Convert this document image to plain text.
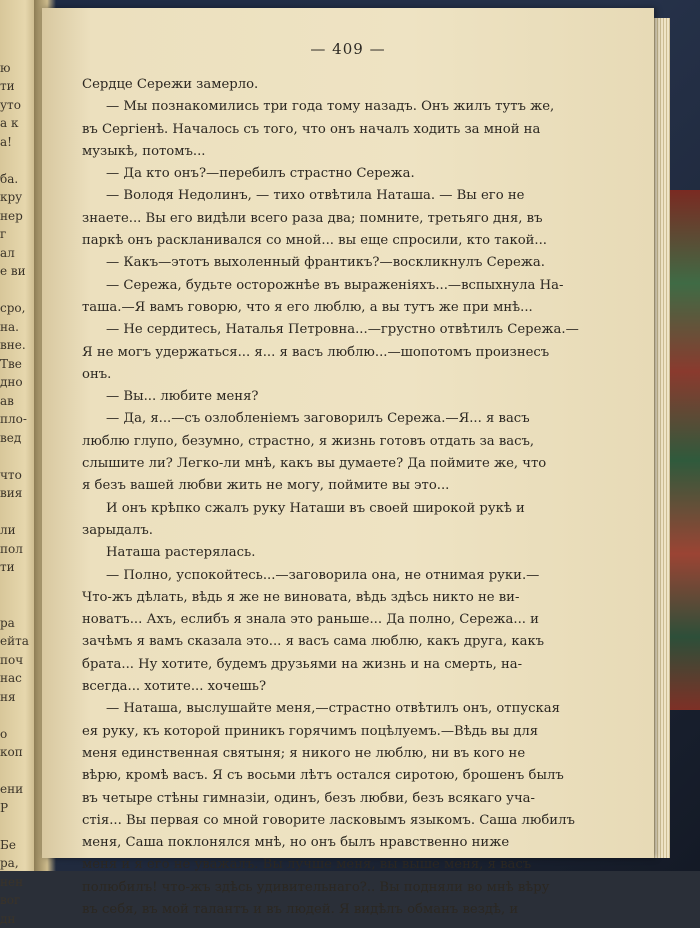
ю
ти
уто
а к
а!

ба.
кру
нер
г
ал
е ви

сро,
на.
вне.
Тве
дно
ав
пло-
вед

что
вия

ли
пол
ти

ра
ейта
поч
нас
ня

о
коп

ени
Р

Бе
ра,
нен
вог
дн
— 409 —
Сердце Сережи замерло.
— Мы познакомились три года тому назадъ. Онъ жилъ тутъ же,
въ Сергіенѣ. Началось съ того, что онъ началъ ходить за мной на
музыкѣ, потомъ...
— Да кто онъ?—перебилъ страстно Сережа.
— Володя Недолинъ, — тихо отвѣтила Наташа. — Вы его не
знаете... Вы его видѣли всего раза два; помните, третьяго дня, въ
паркѣ онъ раскланивался со мной... вы еще спросили, кто такой...
— Какъ—этотъ выхоленный франтикъ?—воскликнулъ Сережа.
— Сережа, будьте осторожнѣе въ выраженіяхъ...—вспыхнула На-
таша.—Я вамъ говорю, что я его люблю, а вы тутъ же при мнѣ...
— Не сердитесь, Наталья Петровна...—грустно отвѣтилъ Сережа.—
Я не могъ удержаться... я... я васъ люблю...—шопотомъ произнесъ
онъ.
— Вы... любите меня?
— Да, я...—съ озлобленіемъ заговорилъ Сережа.—Я... я васъ
люблю глупо, безумно, страстно, я жизнь готовъ отдать за васъ,
слышите ли? Легко-ли мнѣ, какъ вы думаете? Да поймите же, что
я безъ вашей любви жить не могу, поймите вы это...
И онъ крѣпко сжалъ руку Наташи въ своей широкой рукѣ и
зарыдалъ.
Наташа растерялась.
— Полно, успокойтесь...—заговорила она, не отнимая руки.—
Что-жъ дѣлать, вѣдь я же не виновата, вѣдь здѣсь никто не ви-
новатъ... Ахъ, еслибъ я знала это раньше... Да полно, Сережа... и
зачѣмъ я вамъ сказала это... я васъ сама люблю, какъ друга, какъ
брата... Ну хотите, будемъ друзьями на жизнь и на смерть, на-
всегда... хотите... хочешь?
— Наташа, выслушайте меня,—страстно отвѣтилъ онъ, отпуская
ея руку, къ которой приникъ горячимъ поцѣлуемъ.—Вѣдь вы для
меня единственная святыня; я никого не люблю, ни въ кого не
вѣрю, кромѣ васъ. Я съ восьми лѣтъ остался сиротою, брошенъ былъ
въ четыре стѣны гимназіи, одинъ, безъ любви, безъ всякаго уча-
стія... Вы первая со мной говорите ласковымъ языкомъ. Саша любилъ
меня, Саша поклонялся мнѣ, но онъ былъ нравственно ниже
меня и я его не уважалъ. Вы лучше меня, вы выше меня, я васъ
полюбилъ! что-жъ здѣсь удивительнаго?.. Вы подняли во мнѣ вѣру
въ себя, въ мой талантъ и въ людей. Я видѣлъ обманъ вездѣ, и
